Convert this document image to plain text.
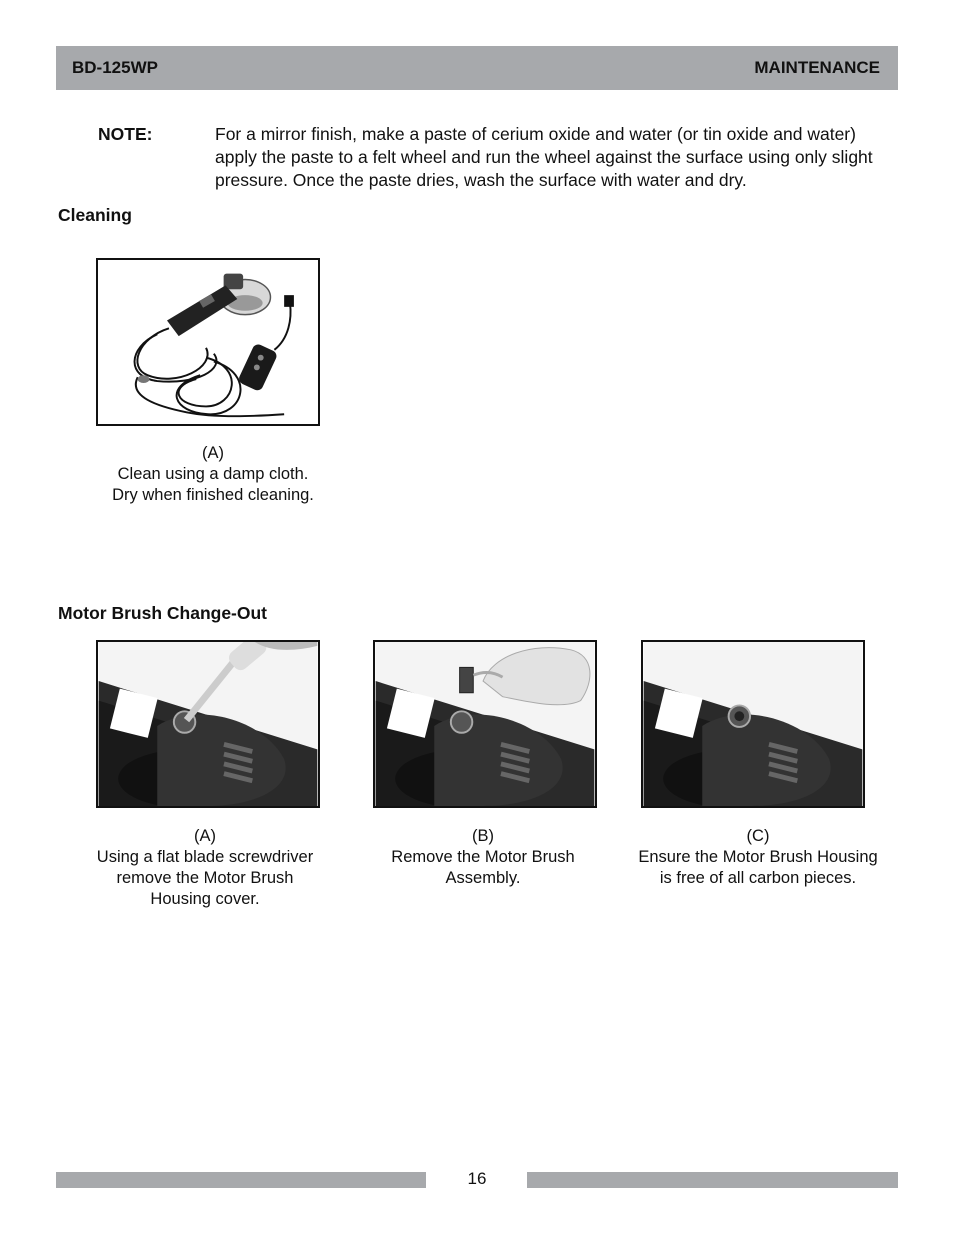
BD-125WP	MAINTENANCE
NOTE:	For a mirror finish, make a paste of cerium oxide and water (or tin oxide and water) apply the paste to a felt wheel and run the wheel against the surface using only slight pressure. Once the paste dries, wash the surface with water and dry.

Cleaning
(A)
Clean using a damp cloth.
Dry when finished cleaning.
Motor Brush Change-Out
(A)
Using a flat blade screwdriver
remove the Motor Brush
Housing cover.
(B)
Remove the Motor Brush
Assembly.
(C)
Ensure the Motor Brush Housing
is free of all carbon pieces.
16
